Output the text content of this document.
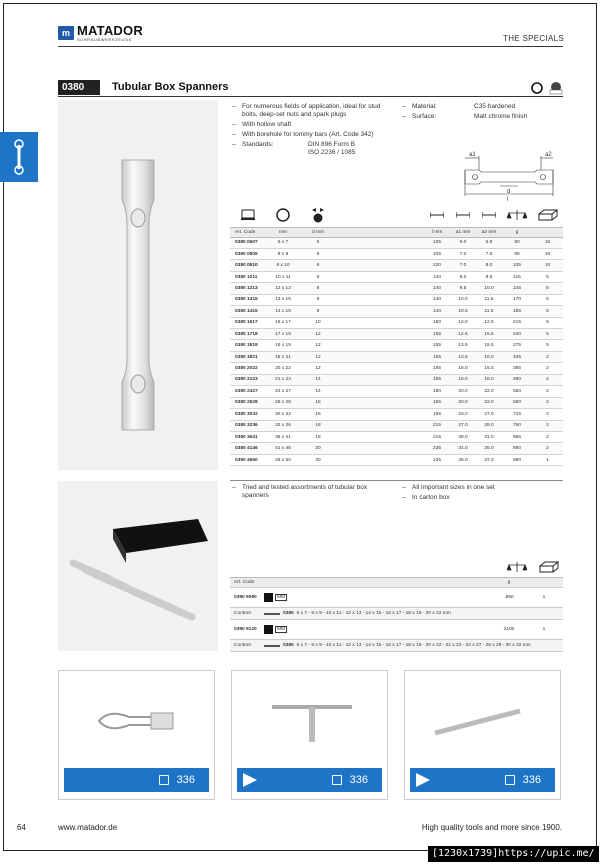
m MATADOR
SCHRAUBWERKZEUGE	THE SPECIALS
0380	Tubular Box Spanners
– For numerous fields of application, ideal for stud bolts, deep-set nuts and spark plugs
– With hollow shaft
– With borehole for tommy bars (Art. Code 342)
– Standards:	DIN 896 Form B
ISO 2236 / 1085
– Material:	C35 hardened
– Surface:	Matt chrome finish
a1	a2
d
l

Art. Code	mm	d mm		l mm	a1 mm	a2 mm	g	
0380 0607	6 x 7	5		105	6.0	6.5	80	10
0380 0809	8 x 9	6		105	7.0	7.5	85	10
0380 0810	8 x 10	6		120	7.0	8.0	105	10
0380 1011	10 x 11	6		140	8.0	8.5	115	5
0380 1213	12 x 13	8		140	9.5	10.0	145	5
0380 1315	13 x 15	8		140	10.0	11.5	170	5
0380 1415	14 x 15	8		140	10.5	11.5	185	5
0380 1617	16 x 17	10		150	12.0	12.5	215	5
0380 1719	17 x 19	12		155	12.5	15.5	240	5
0380 1819	18 x 19	12		155	13.5	15.5	275	5
0380 1821	18 x 21	12		155	13.5	16.0	345	2
0380 2022	20 x 22	12		165	16.0	16.5	385	2
0380 2123	21 x 23	14		165	16.0	18.0	490	2
0380 2427	24 x 27	14		180	20.0	22.0	550	2
0380 2528	25 x 28	16		195	20.0	22.0	550	2
0380 3032	30 x 32	16		195	23.0	27.0	715	2
0380 3236	32 x 36	18		215	27.0	28.0	750	2
0380 3641	36 x 41	18		215	28.0	31.0	885	2
0380 4146	41 x 46	20		235	31.0	35.0	890	2
0380 4650	46 x 50	20		235	35.0	37.0	890	1
– Tried and tested assortments of tubular box spanners
– All important sizes in one set
– In carton box
Art. Code	g
0380 9080	MM	.850	1
Content	0380 6 x 7 - 8 x 9 - 10 x 11 - 12 x 13 - 14 x 15 - 16 x 17 - 18 x 19 - 20 x 22 mm
0380 9120	MM	2100	1
Content	0380 6 x 7 - 8 x 9 - 10 x 11 - 12 x 13 - 14 x 15 - 16 x 17 - 18 x 19 - 20 x 22 - 21 x 23 - 24 x 27 - 25 x 28 - 30 x 32 mm
336	336	336
64	www.matador.de	High quality tools and more since 1900.
[1230x1739]https://upic.me/
